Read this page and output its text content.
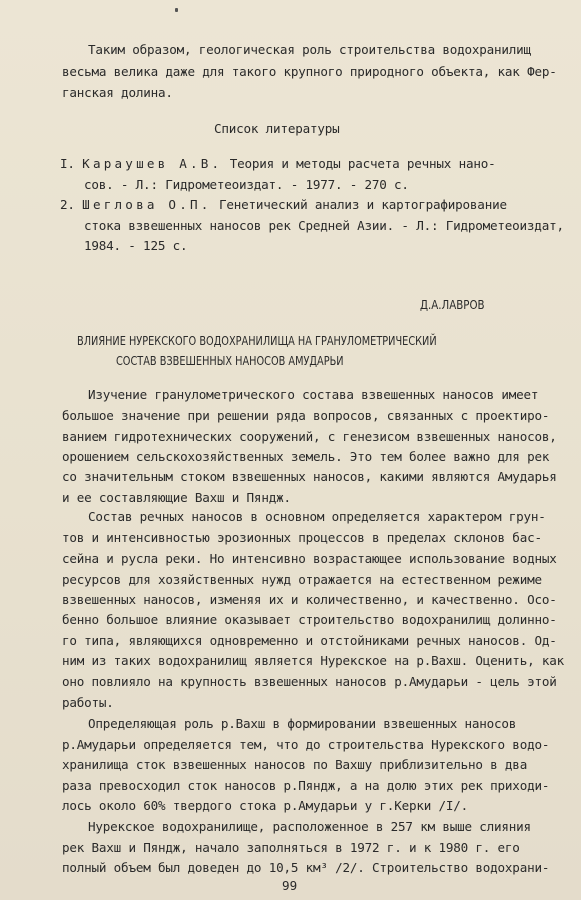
Таким образом, геологическая роль строительства водохранилищ
весьма велика даже для такого крупного природного объекта, как Фер-
ганская долина.
Список литературы
I. Караушев А.В. Теория и методы расчета речных нано-
сов. - Л.: Гидрометеоиздат. - 1977. - 270 с.
2. Шеглова О.П. Генетический анализ и картографирование
стока взвешенных наносов рек Средней Азии. - Л.: Гидрометеоиздат,
1984. - 125 с.
Д.А.ЛАВРОВ
ВЛИЯНИЕ НУРЕКСКОГО ВОДОХРАНИЛИЩА НА ГРАНУЛОМЕТРИЧЕСКИЙ
СОСТАВ ВЗВЕШЕННЫХ НАНОСОВ АМУДАРЬИ
Изучение гранулометрического состава взвешенных наносов имеет
большое значение при решении ряда вопросов, связанных с проектиро-
ванием гидротехнических сооружений, с генезисом взвешенных наносов,
орошением сельскохозяйственных земель. Это тем более важно для рек
со значительным стоком взвешенных наносов, какими являются Амударья
и ее составляющие Вахш и Пяндж.
Состав речных наносов в основном определяется характером грун-
тов и интенсивностью эрозионных процессов в пределах склонов бас-
сейна и русла реки. Но интенсивно возрастающее использование водных
ресурсов для хозяйственных нужд отражается на естественном режиме
взвешенных наносов, изменяя их и количественно, и качественно. Осо-
бенно большое влияние оказывает строительство водохранилищ долинно-
го типа, являющихся одновременно и отстойниками речных наносов. Од-
ним из таких водохранилищ является Нурекское на р.Вахш. Оценить, как
оно повлияло на крупность взвешенных наносов р.Амударьи - цель этой
работы.
Определяющая роль р.Вахш в формировании взвешенных наносов
р.Амударьи определяется тем, что до строительства Нурекского водо-
хранилища сток взвешенных наносов по Вахшу приблизительно в два
раза превосходил сток наносов р.Пяндж, а на долю этих рек приходи-
лось около 60% твердого стока р.Амударьи у г.Керки /I/.
Нурекское водохранилище, расположенное в 257 км выше слияния
рек Вахш и Пяндж, начало заполняться в 1972 г. и к 1980 г. его
полный объем был доведен до 10,5 км³ /2/. Строительство водохрани-
99
